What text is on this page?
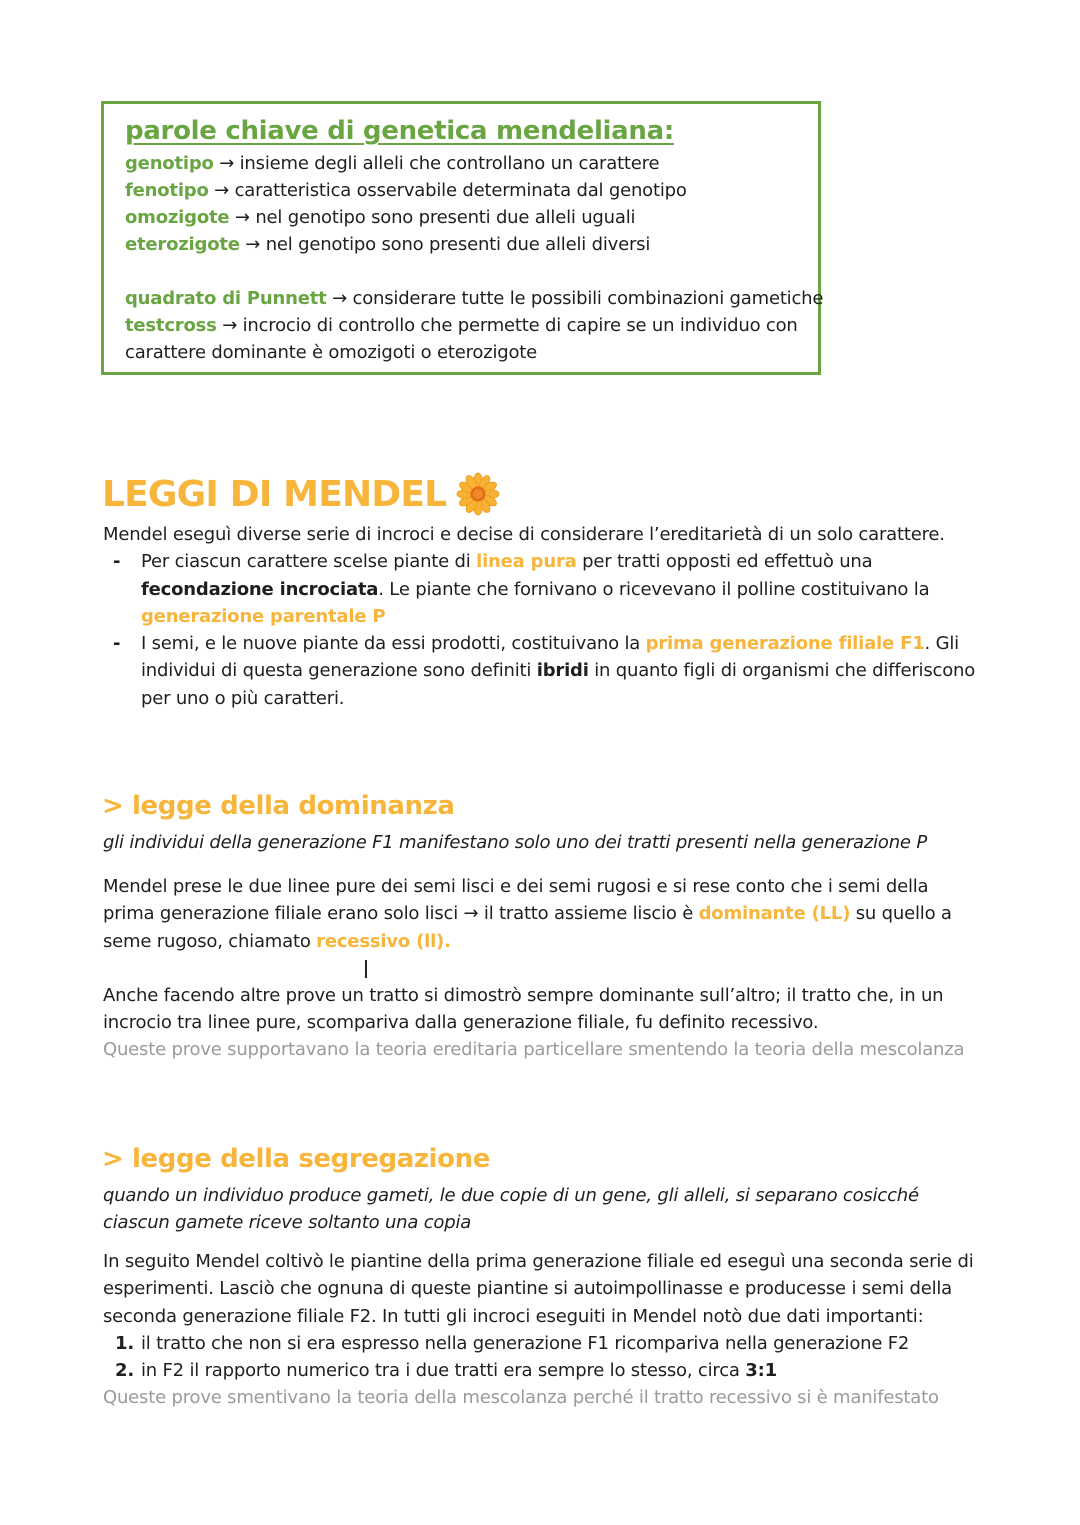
parole chiave di genetica mendeliana:
genotipo → insieme degli alleli che controllano un carattere
fenotipo → caratteristica osservabile determinata dal genotipo
omozigote → nel genotipo sono presenti due alleli uguali
eterozigote → nel genotipo sono presenti due alleli diversi
quadrato di Punnett → considerare tutte le possibili combinazioni gametiche
testcross → incrocio di controllo che permette di capire se un individuo con carattere dominante è omozigoti o eterozigote
LEGGI DI MENDEL
Mendel eseguì diverse serie di incroci e decise di considerare l’ereditarietà di un solo carattere.
- Per ciascun carattere scelse piante di linea pura per tratti opposti ed effettuò una fecondazione incrociata. Le piante che fornivano o ricevevano il polline costituivano la generazione parentale P
- I semi, e le nuove piante da essi prodotti, costituivano la prima generazione filiale F1. Gli individui di questa generazione sono definiti ibridi in quanto figli di organismi che differiscono per uno o più caratteri.
> legge della dominanza
gli individui della generazione F1 manifestano solo uno dei tratti presenti nella generazione P
Mendel prese le due linee pure dei semi lisci e dei semi rugosi e si rese conto che i semi della prima generazione filiale erano solo lisci → il tratto assieme liscio è dominante (LL) su quello a seme rugoso, chiamato recessivo (ll).
Anche facendo altre prove un tratto si dimostrò sempre dominante sull’altro; il tratto che, in un incrocio tra linee pure, scompariva dalla generazione filiale, fu definito recessivo.
Queste prove supportavano la teoria ereditaria particellare smentendo la teoria della mescolanza
> legge della segregazione
quando un individuo produce gameti, le due copie di un gene, gli alleli, si separano cosicché ciascun gamete riceve soltanto una copia
In seguito Mendel coltivò le piantine della prima generazione filiale ed eseguì una seconda serie di esperimenti. Lasciò che ognuna di queste piantine si autoimpollinasse e producesse i semi della seconda generazione filiale F2. In tutti gli incroci eseguiti in Mendel notò due dati importanti:
1. il tratto che non si era espresso nella generazione F1 ricompariva nella generazione F2
2. in F2 il rapporto numerico tra i due tratti era sempre lo stesso, circa 3:1
Queste prove smentivano la teoria della mescolanza perché il tratto recessivo si è manifestato
